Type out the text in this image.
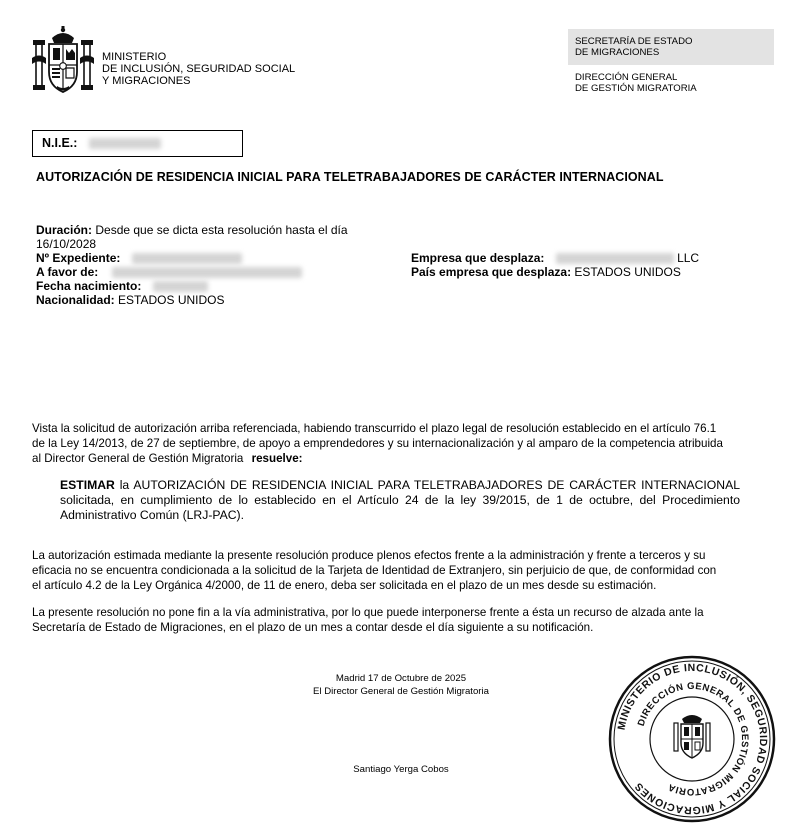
MINISTERIO
DE INCLUSIÓN, SEGURIDAD SOCIAL
Y MIGRACIONES
SECRETARÍA DE ESTADO
DE MIGRACIONES
DIRECCIÓN GENERAL
DE GESTIÓN MIGRATORIA
N.I.E.:
AUTORIZACIÓN DE RESIDENCIA INICIAL PARA TELETRABAJADORES DE CARÁCTER INTERNACIONAL
Duración: Desde que se dicta esta resolución hasta el día
16/10/2028
Nº Expediente:
A favor de:
Fecha nacimiento:
Nacionalidad: ESTADOS UNIDOS
Empresa que desplaza:	LLC
País empresa que desplaza: ESTADOS UNIDOS
Vista la solicitud de autorización arriba referenciada, habiendo transcurrido el plazo legal de resolución establecido en el artículo 76.1
de la Ley 14/2013, de 27 de septiembre, de apoyo a emprendedores y su internacionalización y al amparo de la competencia atribuida
al Director General de Gestión Migratoria resuelve:

ESTIMAR la AUTORIZACIÓN DE RESIDENCIA INICIAL PARA TELETRABAJADORES DE CARÁCTER INTERNACIONAL solicitada, en cumplimiento de lo establecido en el Artículo 24 de la ley 39/2015, de 1 de octubre, del Procedimiento Administrativo Común (LRJ-PAC).

La autorización estimada mediante la presente resolución produce plenos efectos frente a la administración y frente a terceros y su
eficacia no se encuentra condicionada a la solicitud de la Tarjeta de Identidad de Extranjero, sin perjuicio de que, de conformidad con
el artículo 4.2 de la Ley Orgánica 4/2000, de 11 de enero, deba ser solicitada en el plazo de un mes desde su estimación.
La presente resolución no pone fin a la vía administrativa, por lo que puede interponerse frente a ésta un recurso de alzada ante la
Secretaría de Estado de Migraciones, en el plazo de un mes a contar desde el día siguiente a su notificación.
Madrid 17 de Octubre de 2025
El Director General de Gestión Migratoria
Santiago Yerga Cobos
MINISTERIO DE INCLUSIÓN, SEGURIDAD SOCIAL Y MIGRACIONES
DIRECCIÓN GENERAL DE GESTIÓN MIGRATORIA
